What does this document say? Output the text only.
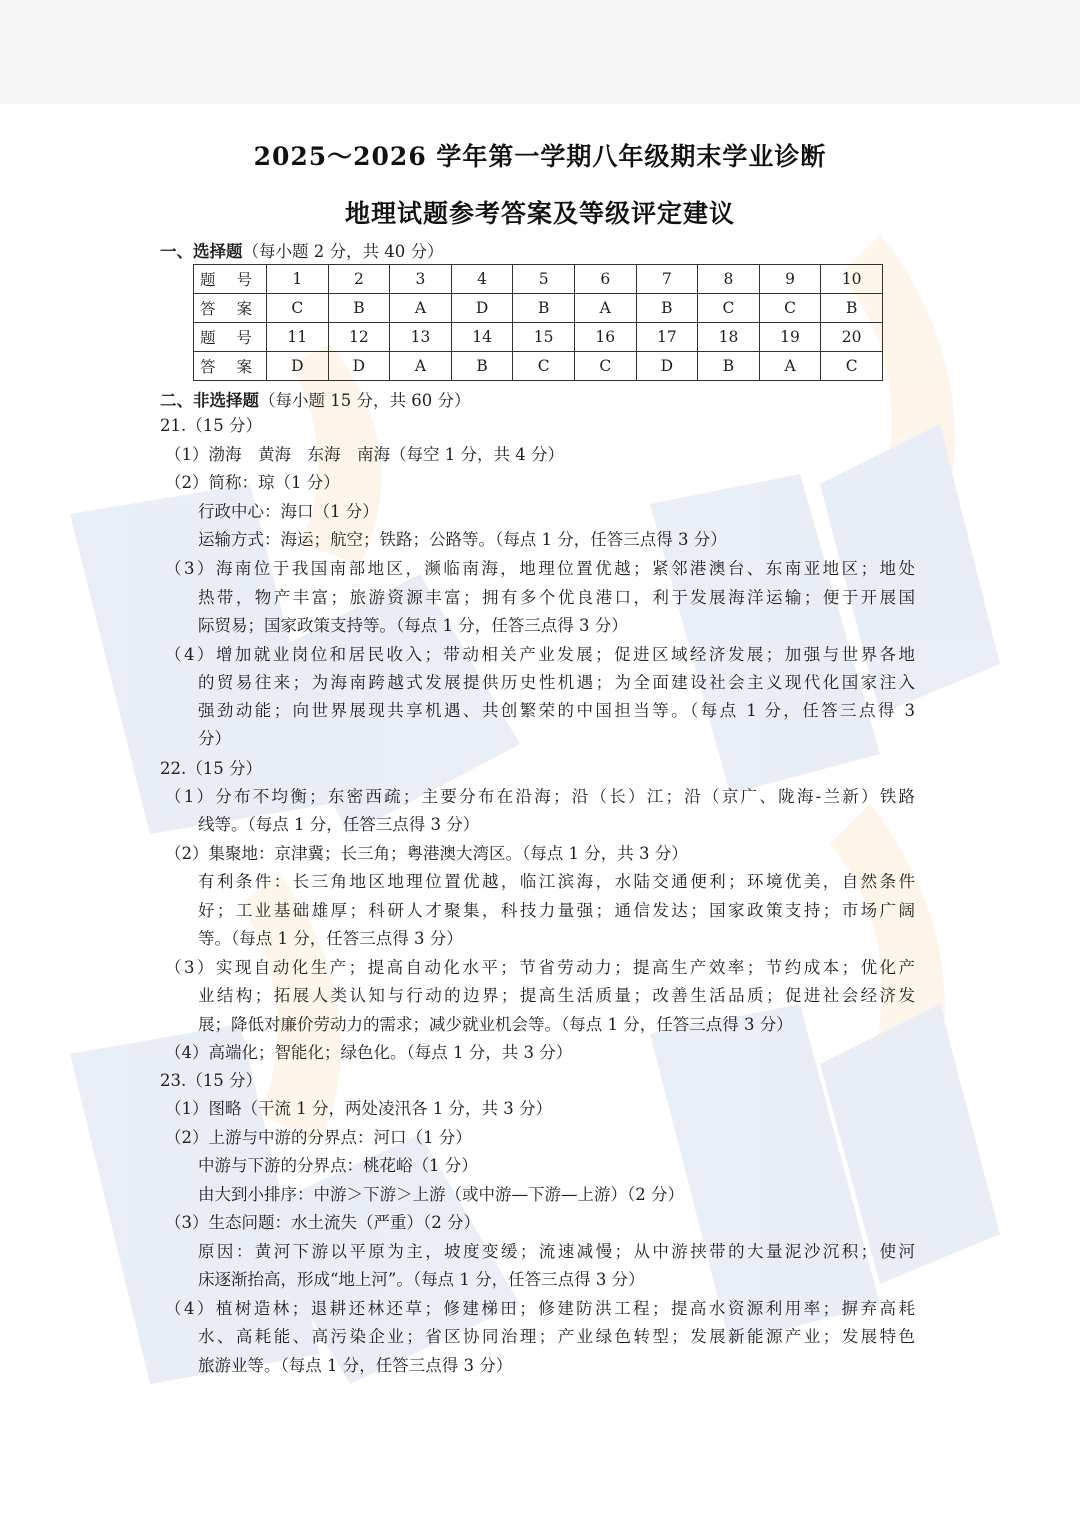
2025～2026 学年第一学期八年级期末学业诊断
地理试题参考答案及等级评定建议
一、选择题（每小题 2 分，共 40 分）
题 号	1	2	3	4	5	6	7	8	9	10
答 案	C	B	A	D	B	A	B	C	C	B
题 号	11	12	13	14	15	16	17	18	19	20
答 案	D	D	A	B	C	C	D	B	A	C
二、非选择题（每小题 15 分，共 60 分）
21.（15 分）
（1）渤海　黄海　东海　南海（每空 1 分，共 4 分）
（2）简称：琼（1 分）
行政中心：海口（1 分）
运输方式：海运；航空；铁路；公路等。（每点 1 分，任答三点得 3 分）
（3）海南位于我国南部地区，濒临南海，地理位置优越；紧邻港澳台、东南亚地区；地处
热带，物产丰富；旅游资源丰富；拥有多个优良港口，利于发展海洋运输；便于开展国
际贸易；国家政策支持等。（每点 1 分，任答三点得 3 分）
（4）增加就业岗位和居民收入；带动相关产业发展；促进区域经济发展；加强与世界各地
的贸易往来；为海南跨越式发展提供历史性机遇；为全面建设社会主义现代化国家注入
强劲动能；向世界展现共享机遇、共创繁荣的中国担当等。（每点 1 分，任答三点得 3
分）
22.（15 分）
（1）分布不均衡；东密西疏；主要分布在沿海；沿（长）江；沿（京广、陇海-兰新）铁路
线等。（每点 1 分，任答三点得 3 分）
（2）集聚地：京津冀；长三角；粤港澳大湾区。（每点 1 分，共 3 分）
有利条件：长三角地区地理位置优越，临江滨海，水陆交通便利；环境优美，自然条件
好；工业基础雄厚；科研人才聚集，科技力量强；通信发达；国家政策支持；市场广阔
等。（每点 1 分，任答三点得 3 分）
（3）实现自动化生产；提高自动化水平；节省劳动力；提高生产效率；节约成本；优化产
业结构；拓展人类认知与行动的边界；提高生活质量；改善生活品质；促进社会经济发
展；降低对廉价劳动力的需求；减少就业机会等。（每点 1 分，任答三点得 3 分）
（4）高端化；智能化；绿色化。（每点 1 分，共 3 分）
23.（15 分）
（1）图略（干流 1 分，两处凌汛各 1 分，共 3 分）
（2）上游与中游的分界点：河口（1 分）
中游与下游的分界点：桃花峪（1 分）
由大到小排序：中游＞下游＞上游（或中游—下游—上游）（2 分）
（3）生态问题：水土流失（严重）（2 分）
原因：黄河下游以平原为主，坡度变缓；流速减慢；从中游挟带的大量泥沙沉积；使河
床逐渐抬高，形成“地上河”。（每点 1 分，任答三点得 3 分）
（4）植树造林；退耕还林还草；修建梯田；修建防洪工程；提高水资源利用率；摒弃高耗
水、高耗能、高污染企业；省区协同治理；产业绿色转型；发展新能源产业；发展特色
旅游业等。（每点 1 分，任答三点得 3 分）
